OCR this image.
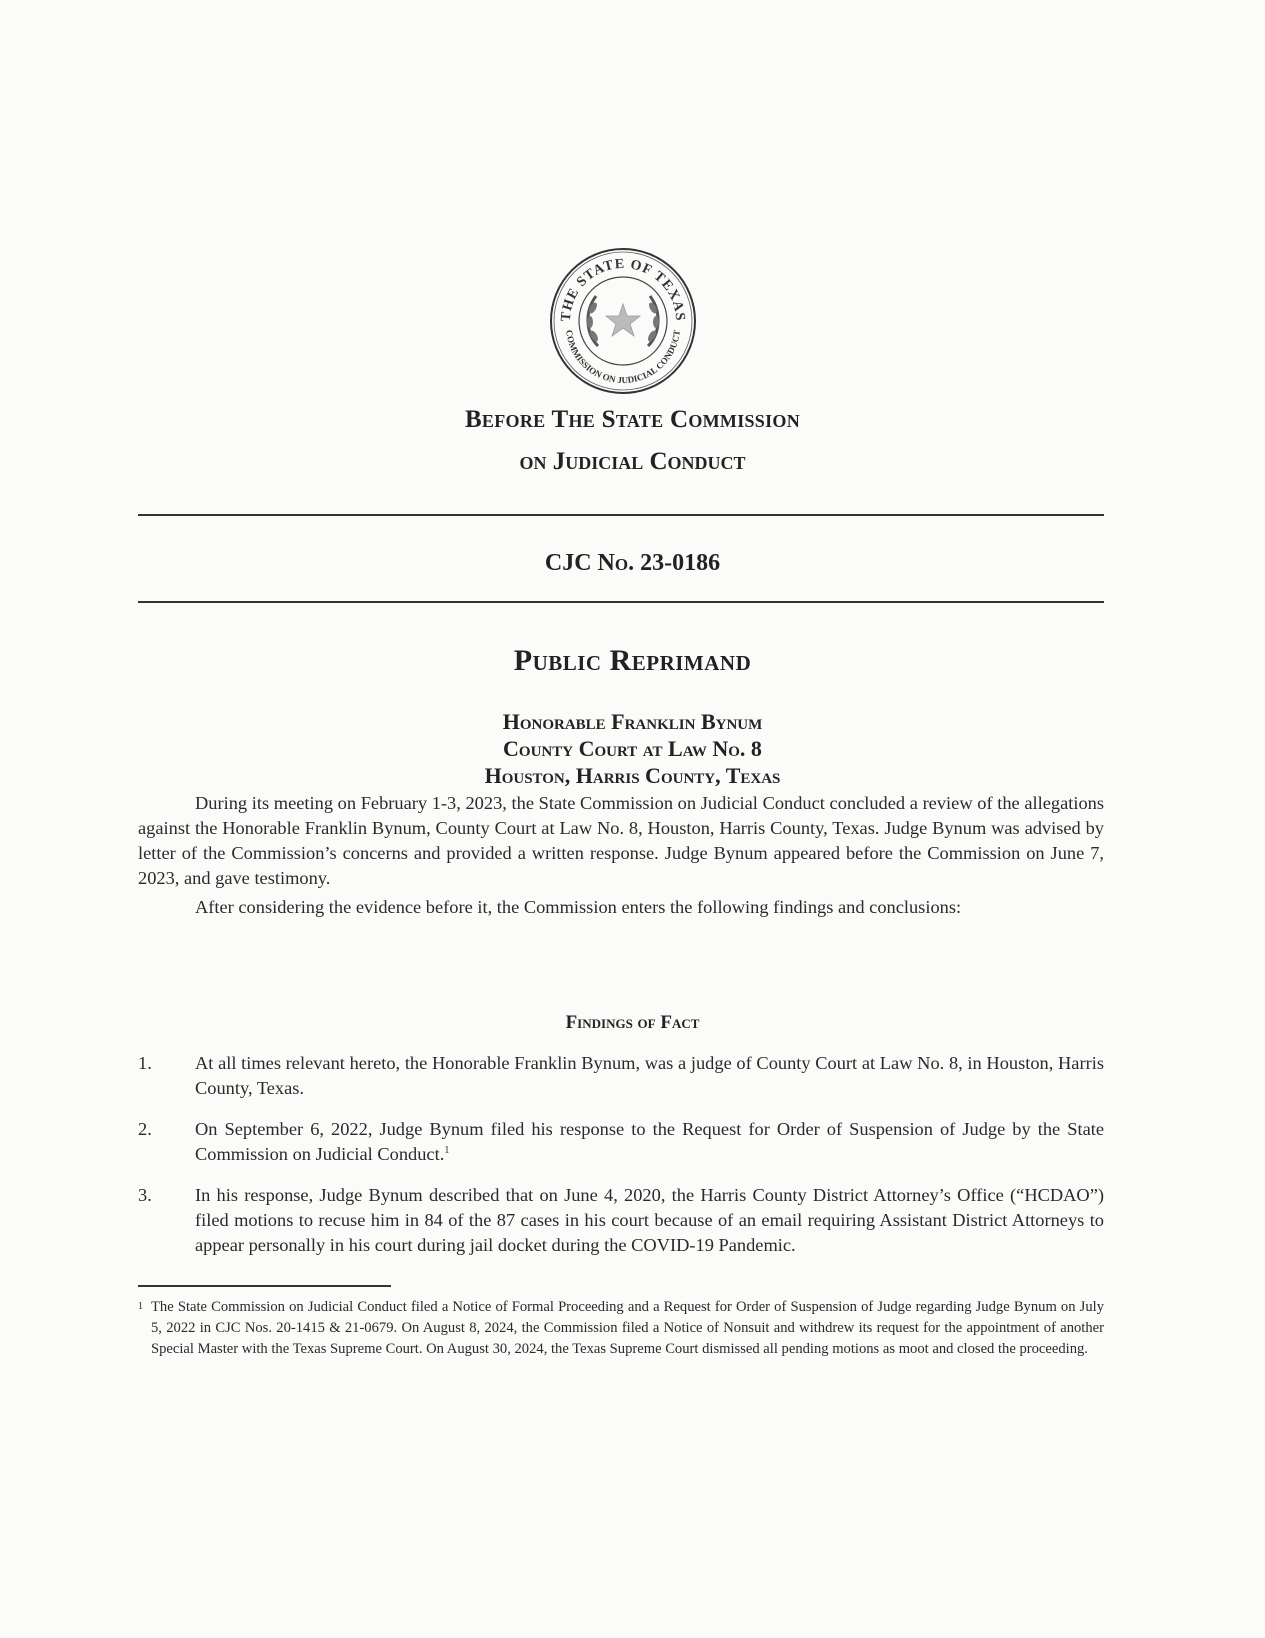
THE STATE OF TEXAS
COMMISSION ON JUDICIAL CONDUCT
Before The State Commission
on Judicial Conduct
CJC No. 23-0186
Public Reprimand
Honorable Franklin Bynum
County Court at Law No. 8
Houston, Harris County, Texas

During its meeting on February 1-3, 2023, the State Commission on Judicial Conduct concluded a review of the allegations against the Honorable Franklin Bynum, County Court at Law No. 8, Houston, Harris County, Texas. Judge Bynum was advised by letter of the Commission’s concerns and provided a written response. Judge Bynum appeared before the Commission on June 7, 2023, and gave testimony.

After considering the evidence before it, the Commission enters the following findings and conclusions:

Findings of Fact
1.	At all times relevant hereto, the Honorable Franklin Bynum, was a judge of County Court at Law No. 8, in Houston, Harris County, Texas.
2.	On September 6, 2022, Judge Bynum filed his response to the Request for Order of Suspension of Judge by the State Commission on Judicial Conduct.$^1$
3.	In his response, Judge Bynum described that on June 4, 2020, the Harris County District Attorney’s Office (“HCDAO”) filed motions to recuse him in 84 of the 87 cases in his court because of an email requiring Assistant District Attorneys to appear personally in his court during jail docket during the COVID-19 Pandemic.
1 The State Commission on Judicial Conduct filed a Notice of Formal Proceeding and a Request for Order of Suspension of Judge regarding Judge Bynum on July 5, 2022 in CJC Nos. 20-1415 & 21-0679. On August 8, 2024, the Commission filed a Notice of Nonsuit and withdrew its request for the appointment of another Special Master with the Texas Supreme Court. On August 30, 2024, the Texas Supreme Court dismissed all pending motions as moot and closed the proceeding.
